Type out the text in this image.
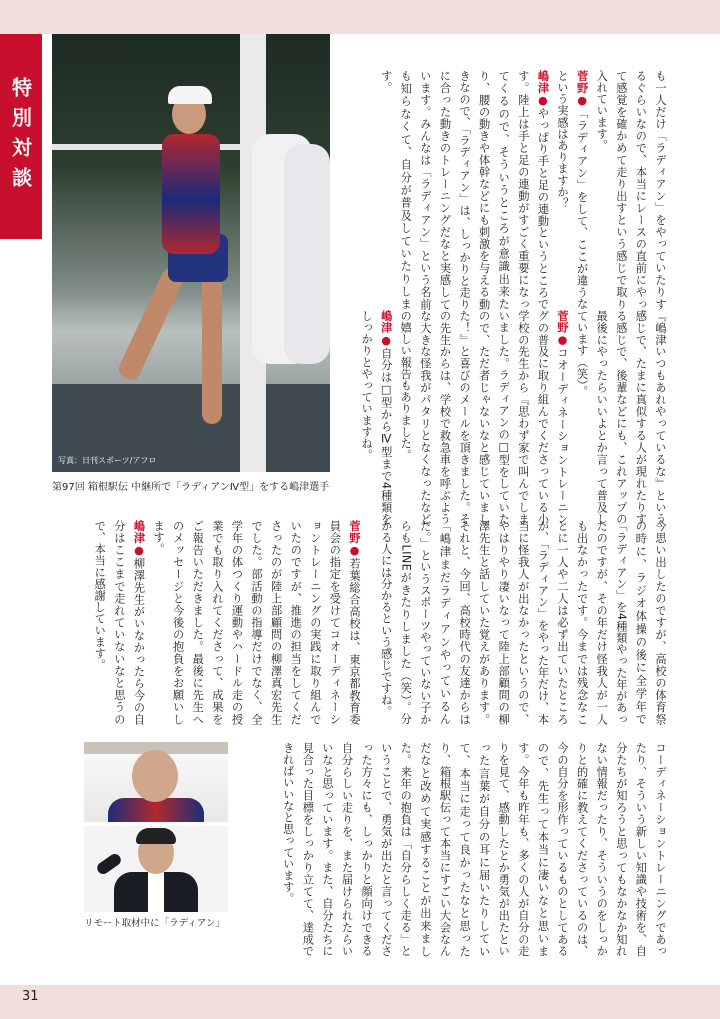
特別対談
写真：日刊スポーツ/アフロ
第97回 箱根駅伝 中継所で「ラディアンⅣ型」をする嶋津選手
も一人だけ「ラディアン」をやっていたりするぐらいなので、本当にレースの直前にやって感覚を確かめて走り出すという感じで取り入れています。
菅野●「ラディアン」をして、ここが違うなという実感はありますか？
嶋津●やっぱり手と足の連動というところです。陸上は手と足の連動がすごく重要になってくるので、そういうところが意識出来たり、腰の動きや体幹などにも刺激を与える動きなので、「ラディアン」は、しっかりと走りに合った動きのトレーニングだなと実感しています。みんなは「ラディアン」という名前も知らなくて、自分が普及していたりします。
『嶋津いつもあれやっているな』という感じで、たまに真似する人が現れたりする感じで、後輩などにも、これアップの最後にやったらいいよとか言って普及しています（笑）。
菅野●コオーディネーショントレーニングの普及に取り組んでくださっている小学校の先生から『思わず家で叫んでしまいました。ラディアンの□型をしていたので、ただ者じゃないなと感じていました！』と喜びのメールを頂きました。その先生からは、学校で救急車を呼ぶような大きな怪我がパタリとなくなったなどの嬉しい報告もありました。
嶋津●自分は□型からⅣ型まで4種類をしっかりとやっていますね。
今思い出したのですが、高校の体育祭の時に、ラジオ体操の後に全学年で「ラディアン」を4種類やった年があったのですが、その年だけ怪我人が一人も出なかったです。今までは残念なことに一人や二人は必ず出ていたところが、「ラディアン」をやった年だけ、本当に怪我人が出なかったというので、やはりやり凄いなって陸上部顧問の柳澤先生と話していた覚えがあります。それと、今回、高校時代の友達からは「嶋津まだラディアンやっているんだ。」というスポーツやっていない子からもLINEがきたりしました（笑）。分かる人には分かるという感じですね。
菅野●若葉総合高校は、東京都教育委員会の指定を受けてコオーディネーショントレーニングの実践に取り組んでいたのですが、推進の担当をしてくださったのが陸上部顧問の柳澤真宏先生でした。部活動の指導だけでなく、全学年の体つくり運動やハードル走の授業でも取り入れてくださって、成果をご報告いただきました。最後に先生へのメッセージと今後の抱負をお願いします。
嶋津●柳澤先生がいなかったら今の自分はここまで走れていないなと思うので、本当に感謝しています。
コーディネーショントレーニングであったり、そういう新しい知識や技術を、自分たちが知ろうと思ってもなかなか知れない情報だったり、そういうのをしっかりと的確に教えてくださっているのは、今の自分を形作っているものとしてあるので、先生って本当に凄いなと思います。今年も昨年も、多くの人が自分の走りを見て、感動したとか勇気が出たといった言葉が自分の耳に届いたりしていて、本当に走って良かったなと思ったり、箱根駅伝って本当にすごい大会なんだなと改めて実感することが出来ました。来年の抱負は「自分らしく走る」ということで、勇気が出たと言ってくださった方々にも、しっかりと顔向けできる自分らしい走りを、また届けられたらいいなと思っています。また、自分たちに見合った目標をしっかり立てて、達成できればいいなと思っています。
リモート取材中に「ラディアン」
31
